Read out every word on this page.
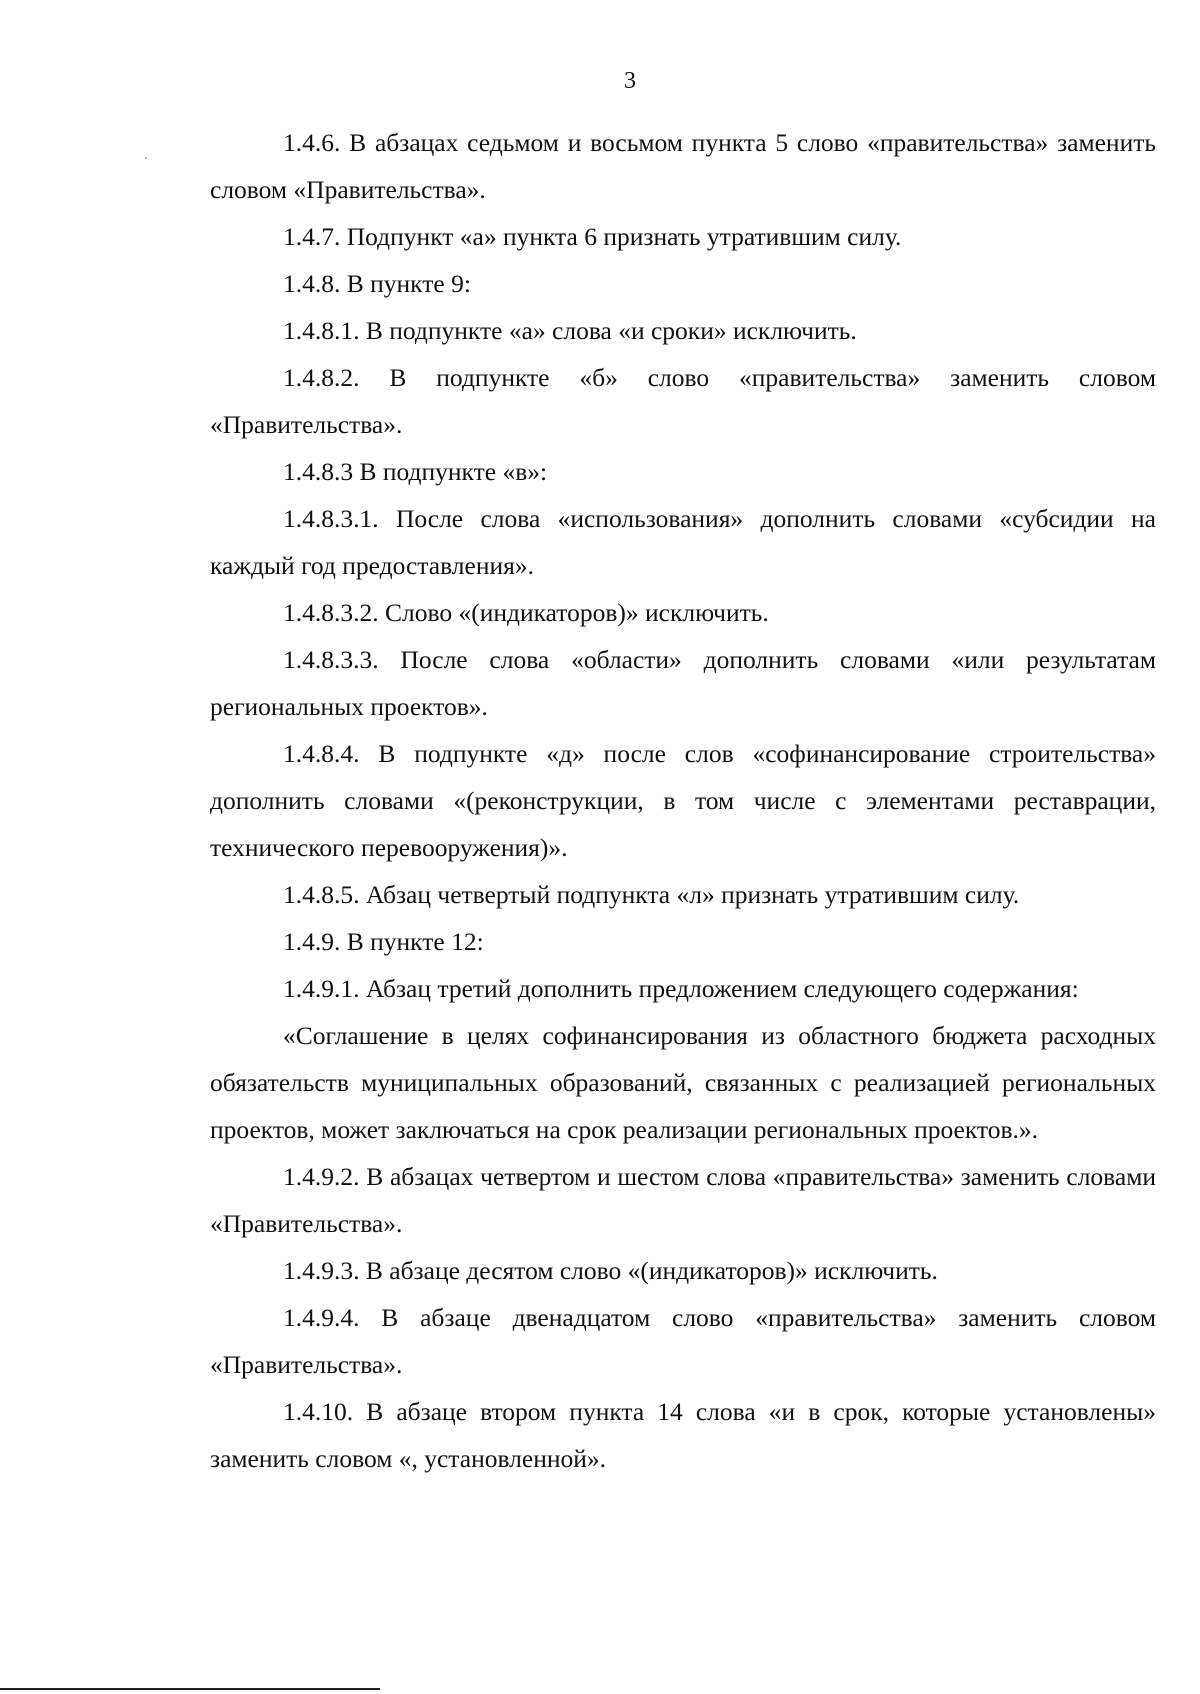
3

1.4.6. В абзацах седьмом и восьмом пункта 5 слово «правительства» заменить словом «Правительства».

1.4.7. Подпункт «а» пункта 6 признать утратившим силу.

1.4.8. В пункте 9:

1.4.8.1. В подпункте «а» слова «и сроки» исключить.

1.4.8.2. В подпункте «б» слово «правительства» заменить словом «Правительства».

1.4.8.3 В подпункте «в»:

1.4.8.3.1. После слова «использования» дополнить словами «субсидии на каждый год предоставления».

1.4.8.3.2. Слово «(индикаторов)» исключить.

1.4.8.3.3. После слова «области» дополнить словами «или результатам региональных проектов».

1.4.8.4. В подпункте «д» после слов «софинансирование строительства» дополнить словами «(реконструкции, в том числе с элементами реставрации, технического перевооружения)».

1.4.8.5. Абзац четвертый подпункта «л» признать утратившим силу.

1.4.9. В пункте 12:

1.4.9.1. Абзац третий дополнить предложением следующего содержания:

«Соглашение в целях софинансирования из областного бюджета расходных обязательств муниципальных образований, связанных с реализацией региональных проектов, может заключаться на срок реализации региональных проектов.».

1.4.9.2. В абзацах четвертом и шестом слова «правительства» заменить словами «Правительства».

1.4.9.3. В абзаце десятом слово «(индикаторов)» исключить.

1.4.9.4. В абзаце двенадцатом слово «правительства» заменить словом «Правительства».

1.4.10. В абзаце втором пункта 14 слова «и в срок, которые установлены» заменить словом «, установленной».
